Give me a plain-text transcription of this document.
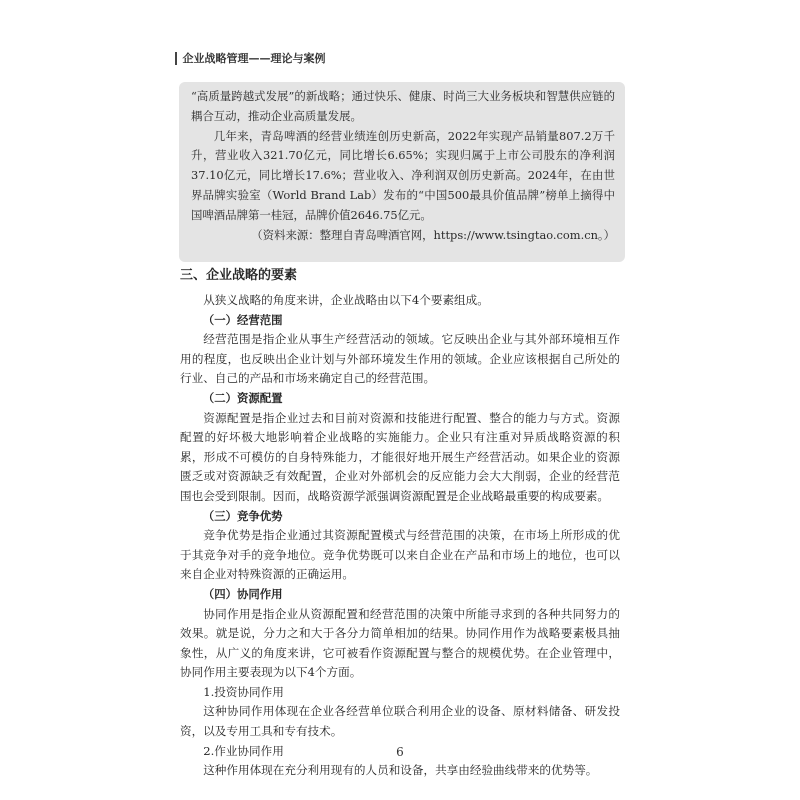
企业战略管理——理论与案例

“高质量跨越式发展”的新战略；通过快乐、健康、时尚三大业务板块和智慧供应链的耦合互动，推动企业高质量发展。

几年来，青岛啤酒的经营业绩连创历史新高，2022年实现产品销量807.2万千升，营业收入321.70亿元，同比增长6.65%；实现归属于上市公司股东的净利润37.10亿元，同比增长17.6%；营业收入、净利润双创历史新高。2024年，在由世界品牌实验室（World Brand Lab）发布的“中国500最具价值品牌”榜单上摘得中国啤酒品牌第一桂冠，品牌价值2646.75亿元。

（资料来源：整理自青岛啤酒官网，https://www.tsingtao.com.cn。）

三、企业战略的要素

从狭义战略的角度来讲，企业战略由以下4个要素组成。

（一）经营范围

经营范围是指企业从事生产经营活动的领域。它反映出企业与其外部环境相互作用的程度，也反映出企业计划与外部环境发生作用的领域。企业应该根据自己所处的行业、自己的产品和市场来确定自己的经营范围。

（二）资源配置

资源配置是指企业过去和目前对资源和技能进行配置、整合的能力与方式。资源配置的好坏极大地影响着企业战略的实施能力。企业只有注重对异质战略资源的积累，形成不可模仿的自身特殊能力，才能很好地开展生产经营活动。如果企业的资源匮乏或对资源缺乏有效配置，企业对外部机会的反应能力会大大削弱，企业的经营范围也会受到限制。因而，战略资源学派强调资源配置是企业战略最重要的构成要素。

（三）竞争优势

竞争优势是指企业通过其资源配置模式与经营范围的决策，在市场上所形成的优于其竞争对手的竞争地位。竞争优势既可以来自企业在产品和市场上的地位，也可以来自企业对特殊资源的正确运用。

（四）协同作用

协同作用是指企业从资源配置和经营范围的决策中所能寻求到的各种共同努力的效果。就是说，分力之和大于各分力简单相加的结果。协同作用作为战略要素极具抽象性，从广义的角度来讲，它可被看作资源配置与整合的规模优势。在企业管理中，协同作用主要表现为以下4个方面。

1.投资协同作用

这种协同作用体现在企业各经营单位联合利用企业的设备、原材料储备、研发投资，以及专用工具和专有技术。

2.作业协同作用

这种作用体现在充分利用现有的人员和设备，共享由经验曲线带来的优势等。

6
